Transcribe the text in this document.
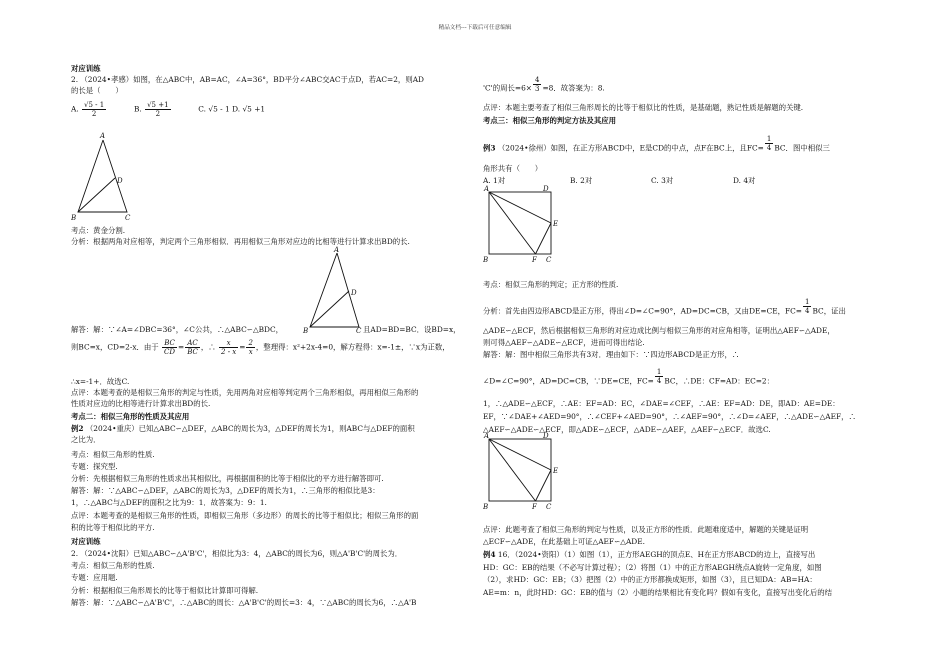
精品文档---下载后可任意编辑
对应训练
2. （2024•孝感）如图，在△ABC中，AB=AC，∠A=36°，BD平分∠ABC交AC于点D，若AC=2，则AD
的长是（　　）
A. $\frac{√5 - 1}{2}$	B. $\frac{√5 +1}{2}$	C. √5 - 1 D. √5 +1
A
B	C
D
考点：黄金分割.
分析：根据两角对应相等，判定两个三角形相似．再用相似三角形对应边的比相等进行计算求出BD的长.
A
B	C
D
解答：解：∵∠A=∠DBC=36°，∠C公共，∴△ABC∽△BDC，	且AD=BD=BC．设BD=x，
则BC=x，CD=2-x．由于 $\frac{BC}{CD} = \frac{AC}{BC}$ ，∴ $\frac{x}{2 - x} = \frac{2}{x}$ ，整理得：x²+2x-4=0，解方程得：x=-1±，∵x为正数，
∴x=-1+．故选C.
点评：本题考查的是相似三角形的判定与性质，先用两角对应相等判定两个三角形相似，再用相似三角形的
性质对应边的比相等进行计算求出BD的长.
考点二：相似三角形的性质及其应用
例2 （2024•重庆）已知△ABC∽△DEF，△ABC的周长为3，△DEF的周长为1，则ABC与△DEF的面积
之比为．
考点：相似三角形的性质.
专题：探究型.
分析：先根据相似三角形的性质求出其相似比，再根据面积的比等于相似比的平方进行解答即可.
解答：解：∵△ABC∽△DEF，△ABC的周长为3，△DEF的周长为1，∴三角形的相似比是3：
1，∴△ABC与△DEF的面积之比为9：1．故答案为：9：1.
点评：本题考查的是相似三角形的性质，即相似三角形（多边形）的周长的比等于相似比；相似三角形的面
积的比等于相似比的平方.
对应训练
2. （2024•沈阳）已知△ABC∽△A'B'C'，相似比为3：4，△ABC的周长为6，则△A'B'C'的周长为．
考点：相似三角形的性质.
专题：应用题.
分析：根据相似三角形周长的比等于相似比计算即可得解.
解答：解：∵△ABC∽△A'B'C'，∴△ABC的周长：△A'B'C'的周长=3：4，∵△ABC的周长为6，∴△A'B
'C'的周长$=6\times \frac{4}{3} =8$．故答案为：8.
点评：本题主要考查了相似三角形周长的比等于相似比的性质，是基础题，熟记性质是解题的关键.
考点三：相似三角形的判定方法及其应用
例3 （2024•徐州）如图，在正方形ABCD中，E是CD的中点，点F在BC上，且$FC= \frac{1}{4}$ BC．图中相似三
角形共有（　　）
A. 1对	B. 2对	C. 3对	D. 4对
A	D
B	F C
E
考点：相似三角形的判定；正方形的性质.
分析：首先由四边形ABCD是正方形，得出∠D=∠C=90°，AD=DC=CB，又由DE=CE，$FC= \frac{1}{4}$ BC，证出
△ADE∽△ECF，然后根据相似三角形的对应边成比例与相似三角形的对应角相等，证明出△AEF∽△ADE，
则可得△AEF∽△ADE∽△ECF，进而可得出结论.
解答：解：图中相似三角形共有3对．理由如下：∵四边形ABCD是正方形，∴
∠D=∠C=90°，AD=DC=CB，∵DE=CE，$FC= \frac{1}{4}$ BC，∴DE：CF=AD：EC=2：
1，∴△ADE∽△ECF，∴AE：EF=AD：EC，∠DAE=∠CEF，∴AE：EF=AD：DE，即AD：AE=DE：
EF，∵∠DAE+∠AED=90°，∴∠CEF+∠AED=90°，∴∠AEF=90°，∴∠D=∠AEF，∴△ADE∽△AEF，∴
△AEF∽△ADE∽△ECF，即△ADE∽△ECF，△ADE∽△AEF，△AEF∽△ECF．故选C.
A	D
B	F C
E
点评：此题考查了相似三角形的判定与性质，以及正方形的性质．此题难度适中，解题的关键是证明
△ECF∽△ADE，在此基础上可证△AEF∽△ADE.
例4 16．（2024•资阳）（1）如图（1），正方形AEGH的顶点E、H在正方形ABCD的边上，直接写出
HD：GC：EB的结果（不必写计算过程）；（2）将图（1）中的正方形AEGH绕点A旋转一定角度，如图
（2），求HD：GC：EB；（3）把图（2）中的正方形都换成矩形，如图（3），且已知DA：AB=HA：
AE=m：n，此时HD：GC：EB的值与（2）小题的结果相比有变化吗？假如有变化，直接写出变化后的结
